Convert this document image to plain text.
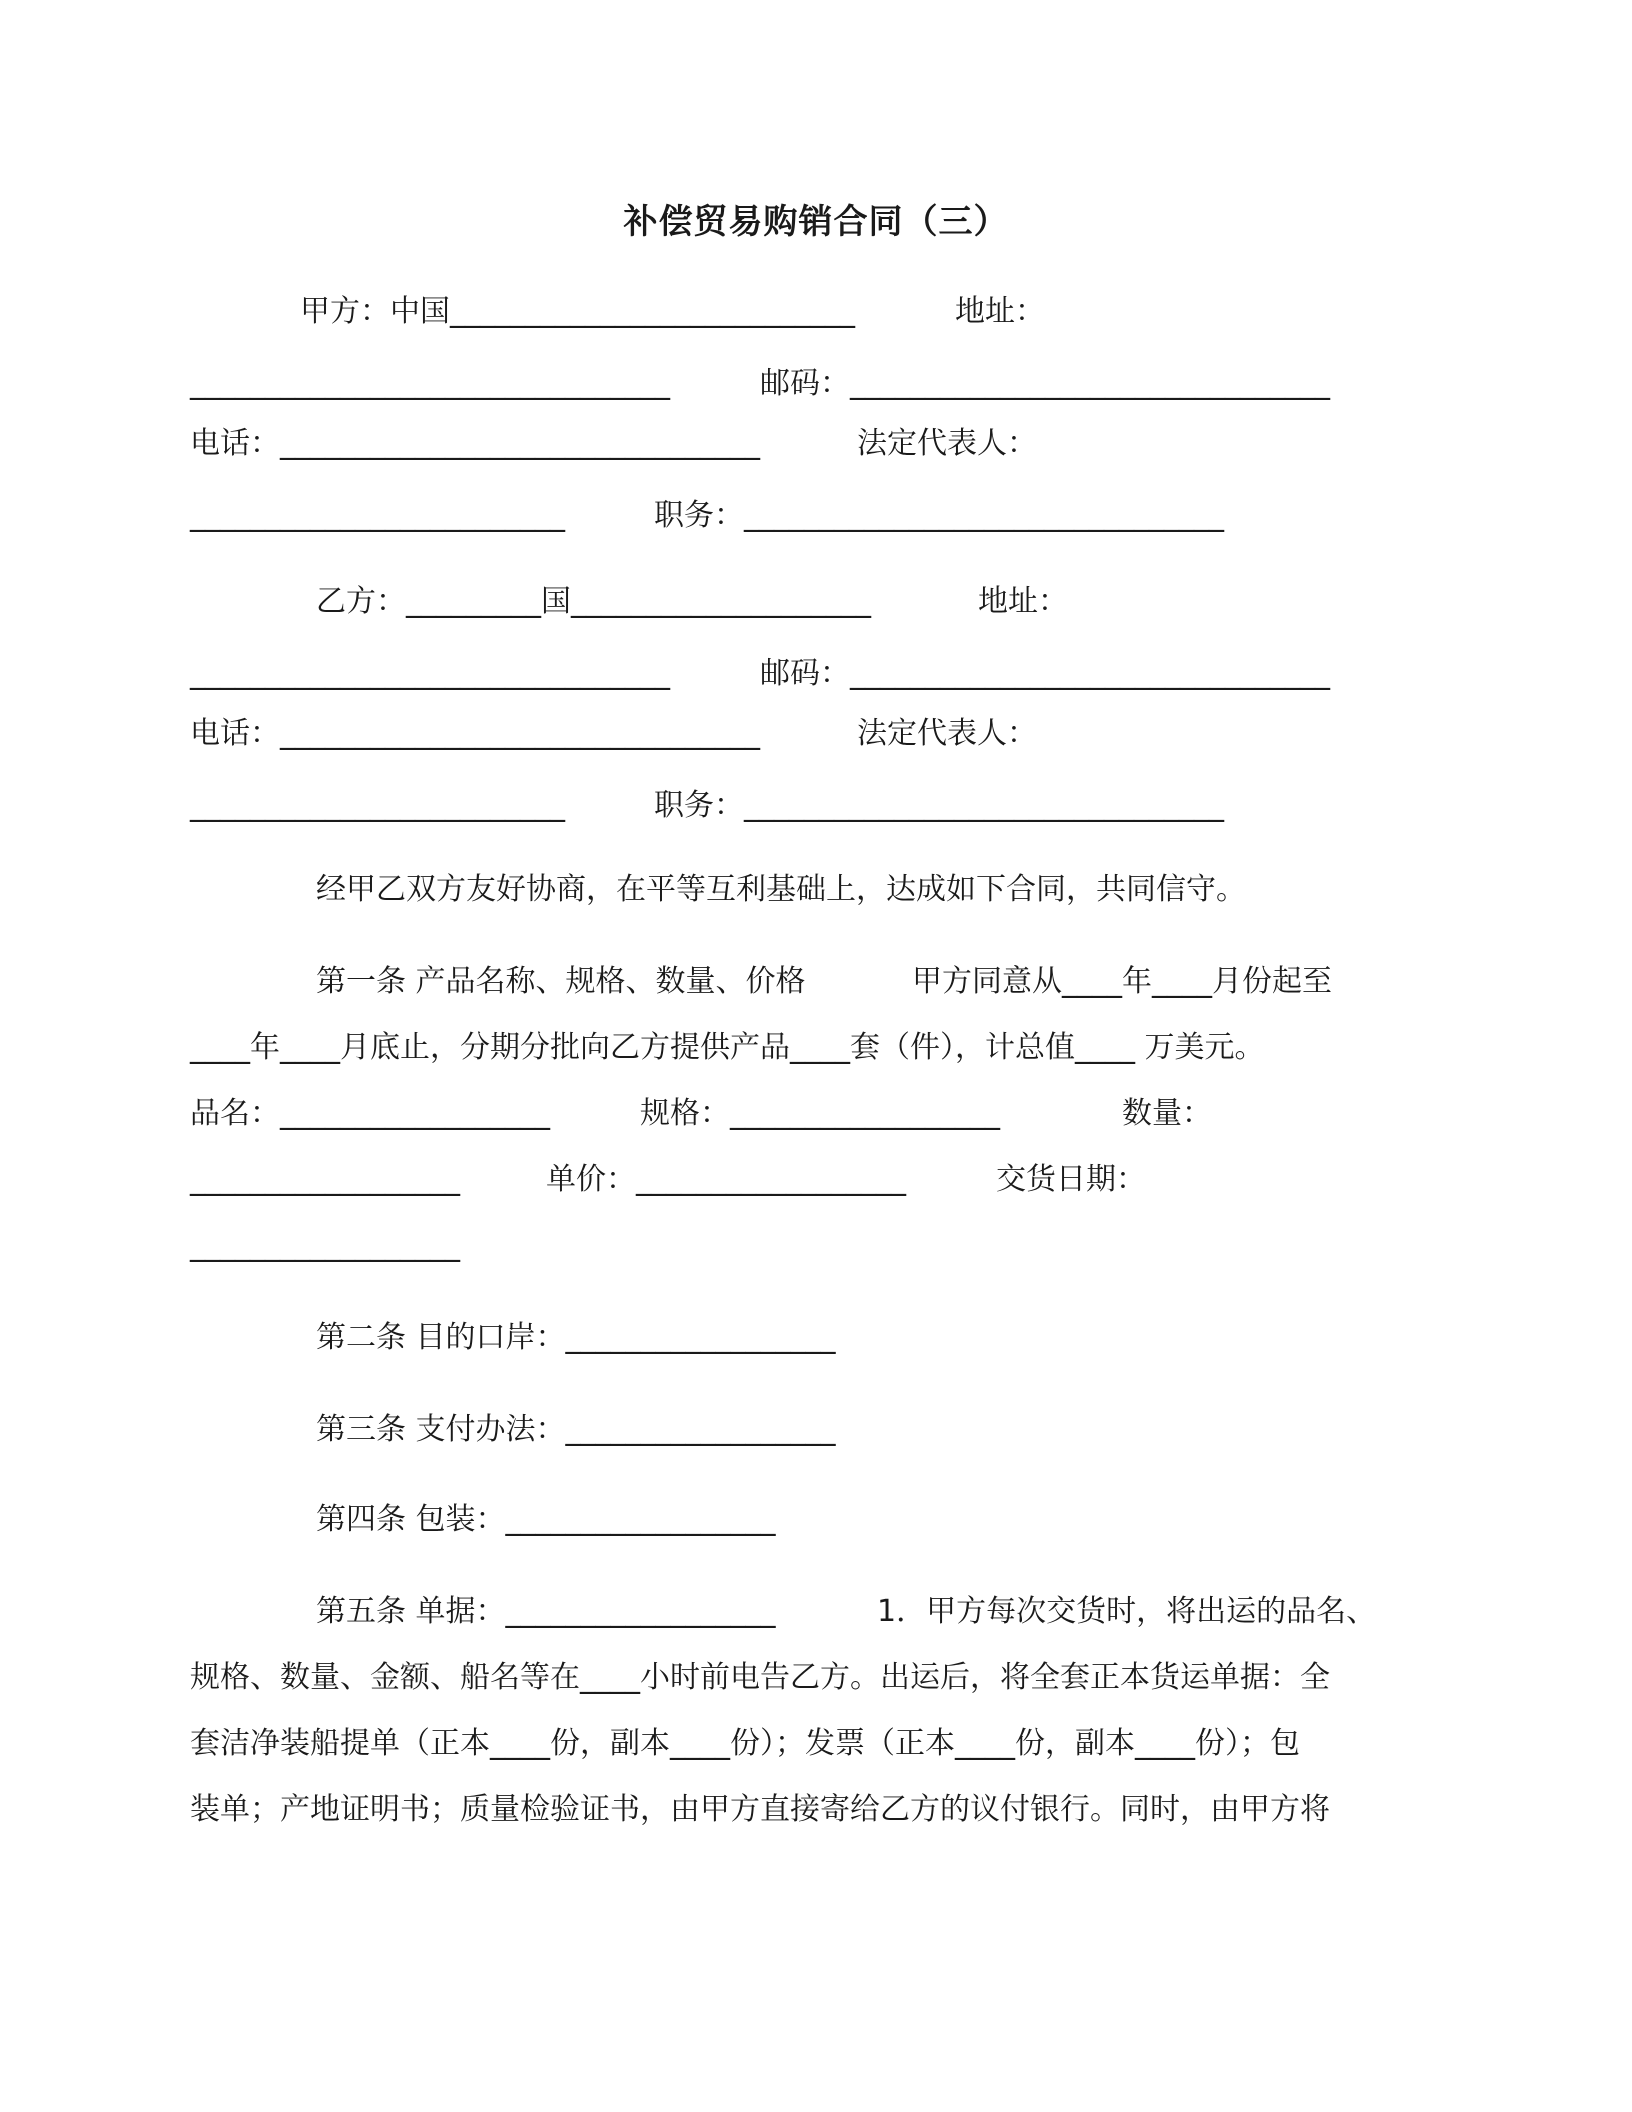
补偿贸易购销合同（三）
甲方：中国___________________________	地址：
________________________________	邮码：________________________________
电话：________________________________	法定代表人：
_________________________	职务：________________________________
乙方：_________国____________________	地址：
________________________________	邮码：________________________________
电话：________________________________	法定代表人：
_________________________	职务：________________________________
经甲乙双方友好协商，在平等互利基础上，达成如下合同，共同信守。
第一条 产品名称、规格、数量、价格	甲方同意从____年____月份起至
____年____月底止，分期分批向乙方提供产品____套（件），计总值____ 万美元。
品名：__________________	规格：__________________	数量：
__________________	单价：__________________	交货日期：
__________________
第二条 目的口岸：__________________
第三条 支付办法：__________________
第四条 包装：__________________
第五条 单据：__________________	1．甲方每次交货时，将出运的品名、
规格、数量、金额、船名等在____小时前电告乙方。出运后，将全套正本货运单据：全
套洁净装船提单（正本____份，副本____份）；发票（正本____份，副本____份）；包
装单；产地证明书；质量检验证书，由甲方直接寄给乙方的议付银行。同时，由甲方将
